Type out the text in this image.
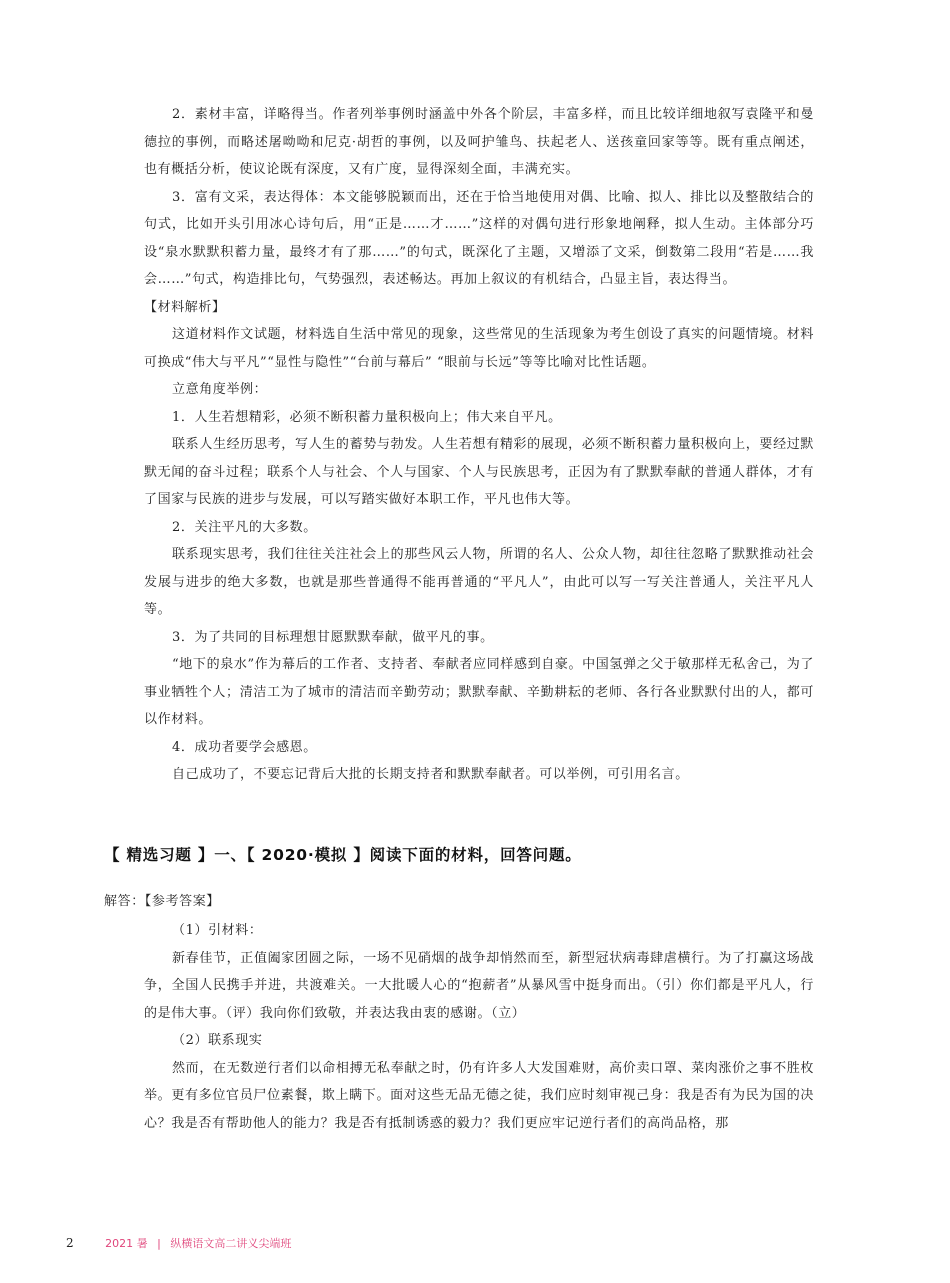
2．素材丰富，详略得当。作者列举事例时涵盖中外各个阶层，丰富多样，而且比较详细地叙写袁隆平和曼德拉的事例，而略述屠呦呦和尼克·胡哲的事例，以及呵护雏鸟、扶起老人、送孩童回家等等。既有重点阐述，也有概括分析，使议论既有深度，又有广度，显得深刻全面，丰满充实。

3．富有文采，表达得体：本文能够脱颖而出，还在于恰当地使用对偶、比喻、拟人、排比以及整散结合的句式，比如开头引用冰心诗句后，用“正是……才……”这样的对偶句进行形象地阐释，拟人生动。主体部分巧设“泉水默默积蓄力量，最终才有了那……”的句式，既深化了主题，又增添了文采，倒数第二段用“若是……我会……”句式，构造排比句，气势强烈，表述畅达。再加上叙议的有机结合，凸显主旨，表达得当。

【材料解析】

这道材料作文试题，材料选自生活中常见的现象，这些常见的生活现象为考生创设了真实的问题情境。材料可换成“伟大与平凡”“显性与隐性”“台前与幕后” “眼前与长远”等等比喻对比性话题。

立意角度举例：

1．人生若想精彩，必须不断积蓄力量积极向上；伟大来自平凡。

联系人生经历思考，写人生的蓄势与勃发。人生若想有精彩的展现，必须不断积蓄力量积极向上，要经过默默无闻的奋斗过程；联系个人与社会、个人与国家、个人与民族思考，正因为有了默默奉献的普通人群体，才有了国家与民族的进步与发展，可以写踏实做好本职工作，平凡也伟大等。

2．关注平凡的大多数。

联系现实思考，我们往往关注社会上的那些风云人物，所谓的名人、公众人物，却往往忽略了默默推动社会发展与进步的绝大多数，也就是那些普通得不能再普通的“平凡人”，由此可以写一写关注普通人，关注平凡人等。

3．为了共同的目标理想甘愿默默奉献，做平凡的事。

“地下的泉水”作为幕后的工作者、支持者、奉献者应同样感到自豪。中国氢弹之父于敏那样无私舍己，为了事业牺牲个人；清洁工为了城市的清洁而辛勤劳动；默默奉献、辛勤耕耘的老师、各行各业默默付出的人，都可以作材料。

4．成功者要学会感恩。

自己成功了，不要忘记背后大批的长期支持者和默默奉献者。可以举例，可引用名言。

【 精选习题 】一、【 2020·模拟 】阅读下面的材料，回答问题。
解答：【参考答案】

（1）引材料：

新春佳节，正值阖家团圆之际，一场不见硝烟的战争却悄然而至，新型冠状病毒肆虐横行。为了打赢这场战争，全国人民携手并进，共渡难关。一大批暖人心的“抱薪者”从暴风雪中挺身而出。（引）你们都是平凡人，行的是伟大事。（评）我向你们致敬，并表达我由衷的感谢。（立）

（2）联系现实

然而，在无数逆行者们以命相搏无私奉献之时，仍有许多人大发国难财，高价卖口罩、菜肉涨价之事不胜枚举。更有多位官员尸位素餐，欺上瞒下。面对这些无品无德之徒，我们应时刻审视己身：我是否有为民为国的决心？我是否有帮助他人的能力？我是否有抵制诱惑的毅力？我们更应牢记逆行者们的高尚品格，那

2	2021 暑 | 纵横语文高二讲义尖端班
